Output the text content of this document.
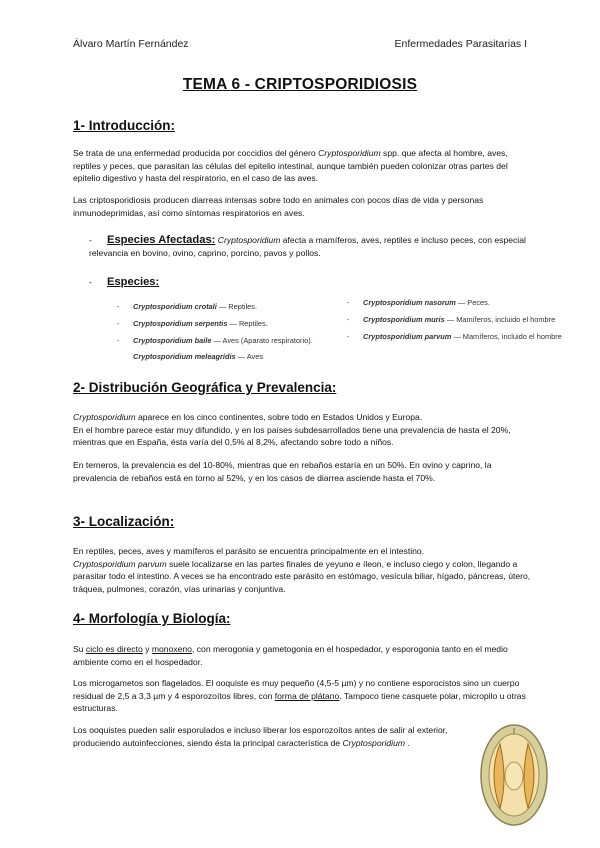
Álvaro Martín Fernández	Enfermedades Parasitarias I
TEMA 6 - CRIPTOSPORIDIOSIS
1- Introducción:
Se trata de una enfermedad producida por coccidios del género Cryptosporidium spp. que afecta al hombre, aves, reptiles y peces, que parasitan las células del epitelio intestinal, aunque también pueden colonizar otras partes del epitelio digestivo y hasta del respiratorio, en el caso de las aves.
Las criptosporidiosis producen diarreas intensas sobre todo en animales con pocos días de vida y personas inmunodeprimidas, así como síntomas respiratorios en aves.
- Especies Afectadas: Cryptosporidium afecta a mamíferos, aves, reptiles e incluso peces, con especial relevancia en bovino, ovino, caprino, porcino, pavos y pollos.
- Especies:
- Cryptosporidium crotali — Reptiles.
- Cryptosporidium serpentis — Reptiles.
- Cryptosporidium baile — Aves (Aparato respiratorio).
Cryptosporidium meleagridis — Aves
- Cryptosporidium nasorum — Peces.
- Cryptosporidium muris — Mamíferos, incluido el hombre
- Cryptosporidium parvum — Mamíferos, incluido el hombre
2- Distribución Geográfica y Prevalencia:
Cryptosporidium aparece en los cinco continentes, sobre todo en Estados Unidos y Europa.
En el hombre parece estar muy difundido, y en los países subdesarrollados tiene una prevalencia de hasta el 20%, mientras que en España, ésta varía del 0,5% al 8,2%, afectando sobre todo a niños.
En terneros, la prevalencia es del 10-80%, mientras que en rebaños estaría en un 50%. En ovino y caprino, la prevalencia de rebaños está en torno al 52%, y en los casos de diarrea asciende hasta el 70%.
3- Localización:
En reptiles, peces, aves y mamíferos el parásito se encuentra principalmente en el intestino.
Cryptosporidium parvum suele localizarse en las partes finales de yeyuno e íleon, e incluso ciego y colon, llegando a parasitar todo el intestino. A veces se ha encontrado este parásito en estómago, vesícula biliar, hígado, páncreas, útero, tráquea, pulmones, corazón, vías urinarias y conjuntiva.
4- Morfología y Biología:
Su ciclo es directo y monoxeno, con merogonia y gametogonia en el hospedador, y esporogonia tanto en el medio ambiente como en el hospedador.
Los microgametos son flagelados. El ooquiste es muy pequeño (4,5-5 µm) y no contiene esporocistos sino un cuerpo residual de 2,5 a 3,3 µm y 4 esporozoítos libres, con forma de plátano. Tampoco tiene casquete polar, micropilo u otras estructuras.
Los ooquistes pueden salir esporulados e incluso liberar los esporozoítos antes de salir al exterior, produciendo autoinfecciones, siendo ésta la principal característica de Cryptosporidium .
